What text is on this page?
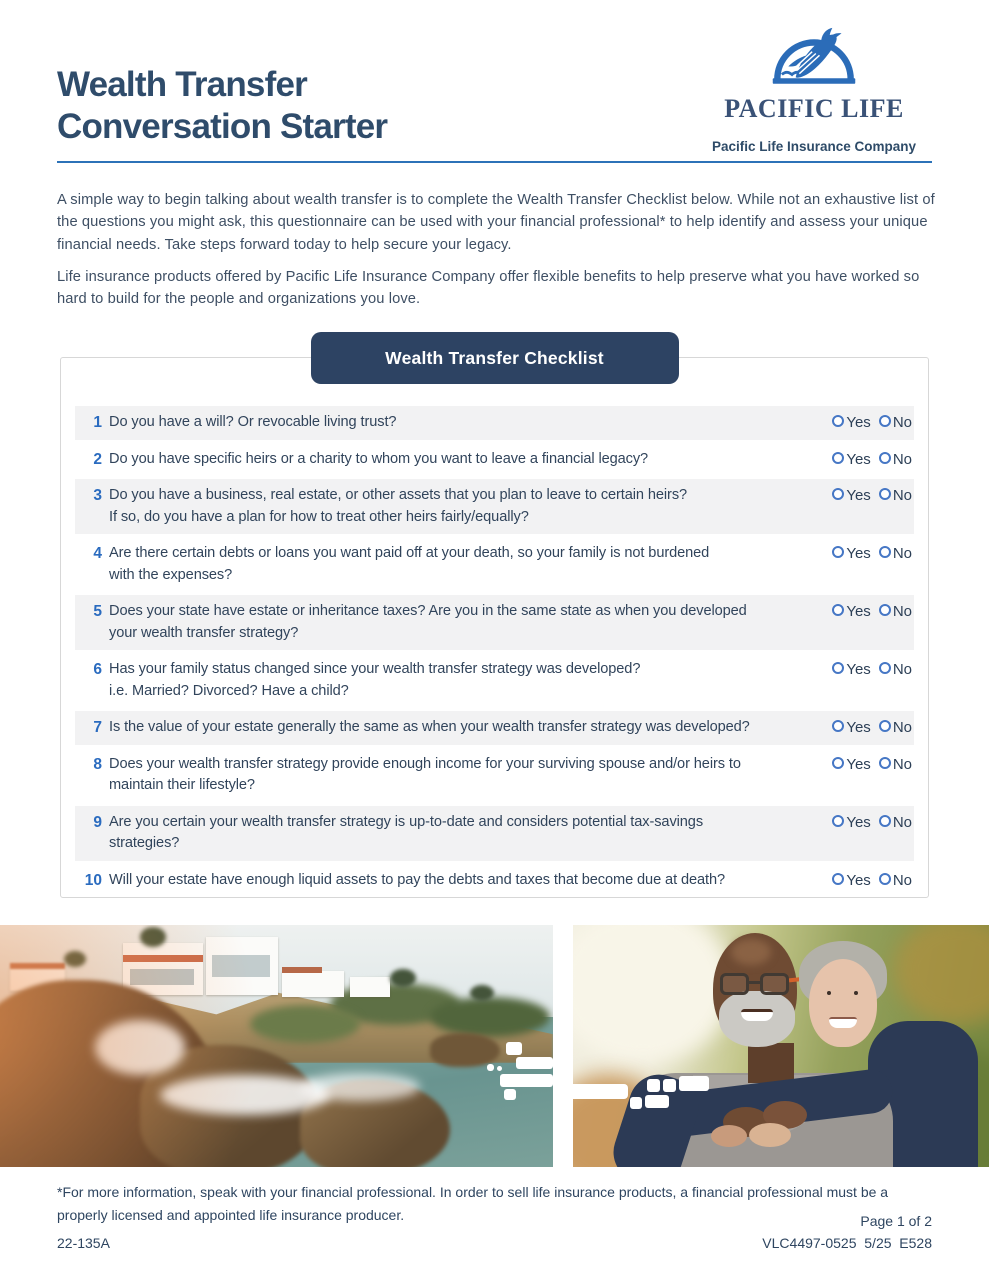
Wealth Transfer
Conversation Starter	PACIFIC LIFE
Pacific Life Insurance Company

A simple way to begin talking about wealth transfer is to complete the Wealth Transfer Checklist below. While not an exhaustive list of the questions you might ask, this questionnaire can be used with your financial professional* to help identify and assess your unique financial needs. Take steps forward today to help secure your legacy.

Life insurance products offered by Pacific Life Insurance Company offer flexible benefits to help preserve what you have worked so hard to build for the people and organizations you love.

Wealth Transfer Checklist
1 Do you have a will? Or revocable living trust?	Yes No
2 Do you have specific heirs or a charity to whom you want to leave a financial legacy?	Yes No
3 Do you have a business, real estate, or other assets that you plan to leave to certain heirs?
If so, do you have a plan for how to treat other heirs fairly/equally?
Yes No
4 Are there certain debts or loans you want paid off at your death, so your family is not burdened
with the expenses?
Yes No
5 Does your state have estate or inheritance taxes? Are you in the same state as when you developed
your wealth transfer strategy?
Yes No
6 Has your family status changed since your wealth transfer strategy was developed?
i.e. Married? Divorced? Have a child?
Yes No
7 Is the value of your estate generally the same as when your wealth transfer strategy was developed?	Yes No
8 Does your wealth transfer strategy provide enough income for your surviving spouse and/or heirs to
maintain their lifestyle?
Yes No
9 Are you certain your wealth transfer strategy is up-to-date and considers potential tax-savings
strategies?
Yes No
10 Will your estate have enough liquid assets to pay the debts and taxes that become due at death?	Yes No

*For more information, speak with your financial professional. In order to sell life insurance products, a financial professional must be a properly licensed and appointed life insurance producer.

22-135A
Page 1 of 2
VLC4497-0525  5/25  E528
